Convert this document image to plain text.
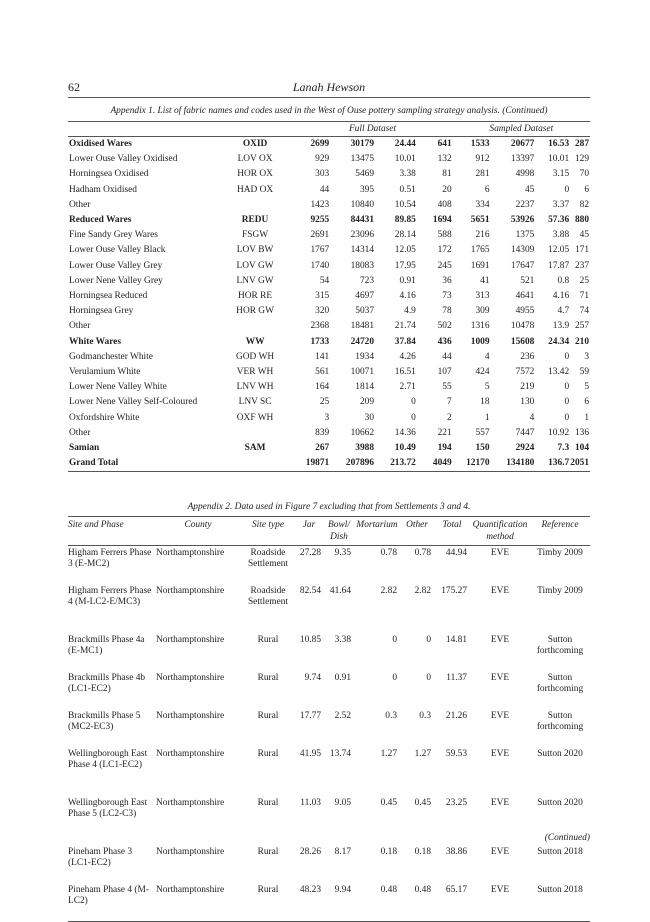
62	Lanah Hewson
Appendix 1. List of fabric names and codes used in the West of Ouse pottery sampling strategy analysis. (Continued)
		Full Dataset				Sampled Dataset			
Oxidised Wares	OXID	2699	30179	24.44	641	1533	20677	16.53	287
Lower Ouse Valley Oxidised	LOV OX	929	13475	10.01	132	912	13397	10.01	129
Horningsea Oxidised	HOR OX	303	5469	3.38	81	281	4998	3.15	70
Hadham Oxidised	HAD OX	44	395	0.51	20	6	45	0	6
Other		1423	10840	10.54	408	334	2237	3.37	82
Reduced Wares	REDU	9255	84431	89.85	1694	5651	53926	57.36	880
Fine Sandy Grey Wares	FSGW	2691	23096	28.14	588	216	1375	3.88	45
Lower Ouse Valley Black	LOV BW	1767	14314	12.05	172	1765	14309	12.05	171
Lower Ouse Valley Grey	LOV GW	1740	18083	17.95	245	1691	17647	17.87	237
Lower Nene Valley Grey	LNV GW	54	723	0.91	36	41	521	0.8	25
Horningsea Reduced	HOR RE	315	4697	4.16	73	313	4641	4.16	71
Horningsea Grey	HOR GW	320	5037	4.9	78	309	4955	4.7	74
Other		2368	18481	21.74	502	1316	10478	13.9	257
White Wares	WW	1733	24720	37.84	436	1009	15608	24.34	210
Godmanchester White	GOD WH	141	1934	4.26	44	4	236	0	3
Verulamium White	VER WH	561	10071	16.51	107	424	7572	13.42	59
Lower Nene Valley White	LNV WH	164	1814	2.71	55	5	219	0	5
Lower Nene Valley Self-Coloured	LNV SC	25	209	0	7	18	130	0	6
Oxfordshire White	OXF WH	3	30	0	2	1	4	0	1
Other		839	10662	14.36	221	557	7447	10.92	136
Samian	SAM	267	3988	10.49	194	150	2924	7.3	104
Grand Total		19871	207896	213.72	4049	12170	134180	136.7	2051
Appendix 2. Data used in Figure 7 excluding that from Settlements 3 and 4.
Site and Phase	County	Site type	Jar	Bowl/ Dish	Mortarium	Other	Total	Quantification method	Reference
Higham Ferrers Phase 3 (E-MC2)	Northamptonshire	Roadside Settlement	27.28	9.35	0.78	0.78	44.94	EVE	Timby 2009
Higham Ferrers Phase 4 (M-LC2-E/MC3)	Northamptonshire	Roadside Settlement	82.54	41.64	2.82	2.82	175.27	EVE	Timby 2009
Brackmills Phase 4a (E-MC1)	Northamptonshire	Rural	10.85	3.38	0	0	14.81	EVE	Sutton forthcoming
Brackmills Phase 4b (LC1-EC2)	Northamptonshire	Rural	9.74	0.91	0	0	11.37	EVE	Sutton forthcoming
Brackmills Phase 5 (MC2-EC3)	Northamptonshire	Rural	17.77	2.52	0.3	0.3	21.26	EVE	Sutton forthcoming
Wellingborough East Phase 4 (LC1-EC2)	Northamptonshire	Rural	41.95	13.74	1.27	1.27	59.53	EVE	Sutton 2020
Wellingborough East Phase 5 (LC2-C3)	Northamptonshire	Rural	11.03	9.05	0.45	0.45	23.25	EVE	Sutton 2020
Pineham Phase 3 (LC1-EC2)	Northamptonshire	Rural	28.26	8.17	0.18	0.18	38.86	EVE	Sutton 2018
Pineham Phase 4 (M-LC2)	Northamptonshire	Rural	48.23	9.94	0.48	0.48	65.17	EVE	Sutton 2018
(Continued)
